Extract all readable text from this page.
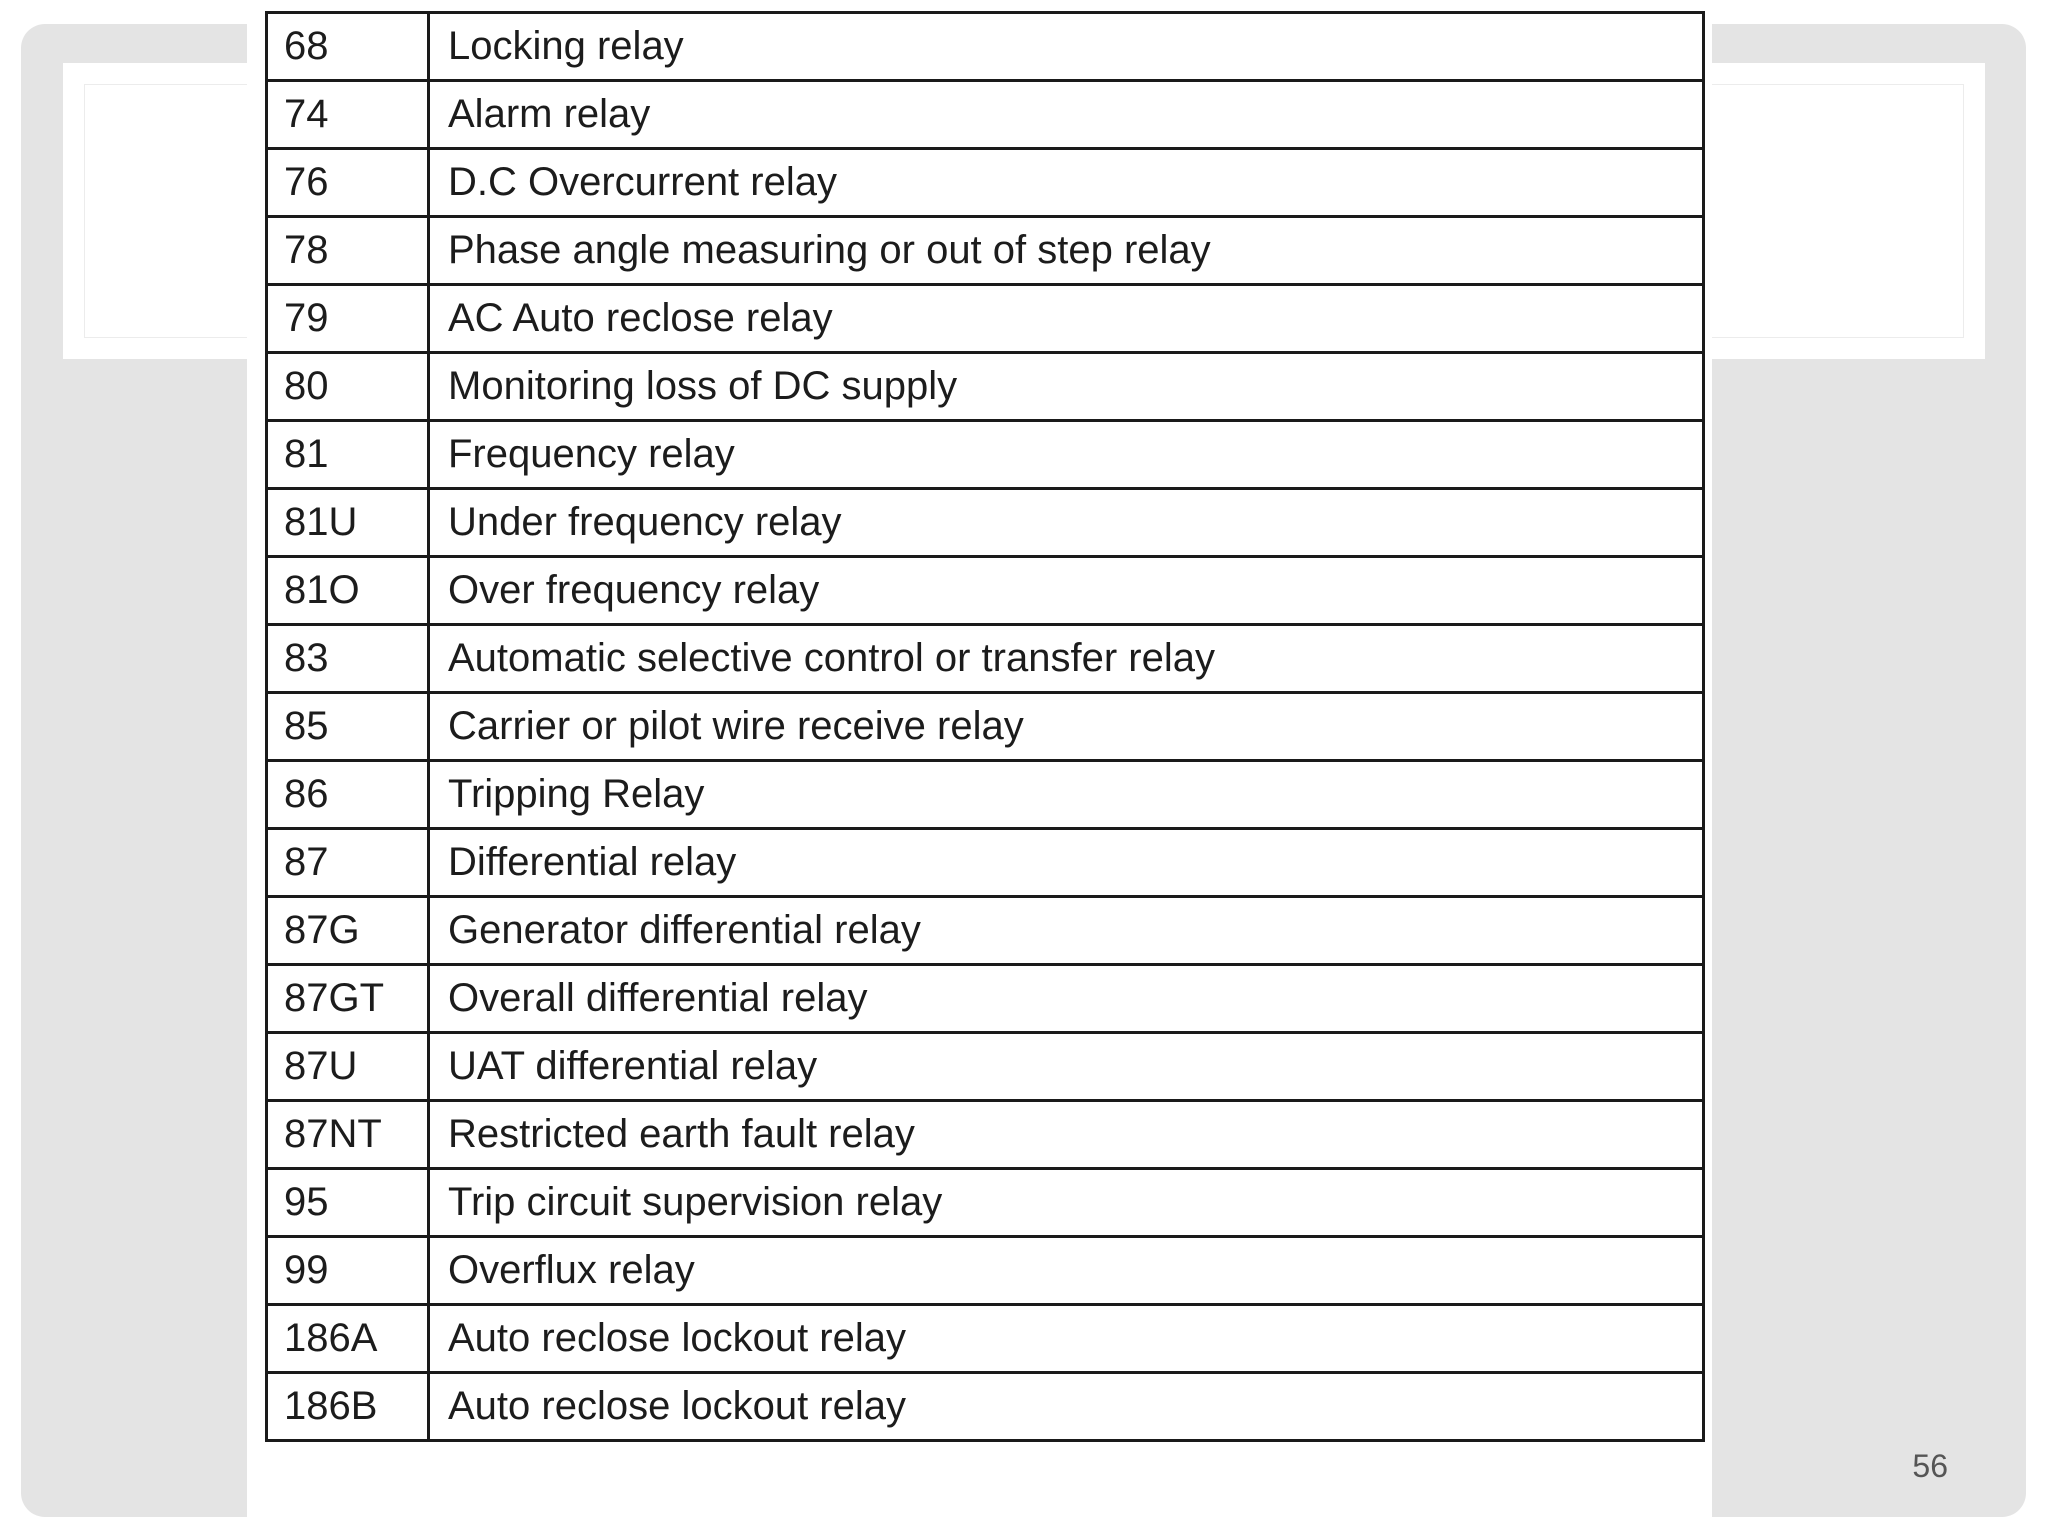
68	Locking relay
74	Alarm relay
76	D.C Overcurrent relay
78	Phase angle measuring or out of step relay
79	AC Auto reclose relay
80	Monitoring loss of DC supply
81	Frequency relay
81U	Under frequency relay
81O	Over frequency relay
83	Automatic selective control or transfer relay
85	Carrier or pilot wire receive relay
86	Tripping Relay
87	Differential relay
87G	Generator differential relay
87GT	Overall differential relay
87U	UAT differential relay
87NT	Restricted earth fault relay
95	Trip circuit supervision relay
99	Overflux relay
186A	Auto reclose lockout relay
186B	Auto reclose lockout relay
56
